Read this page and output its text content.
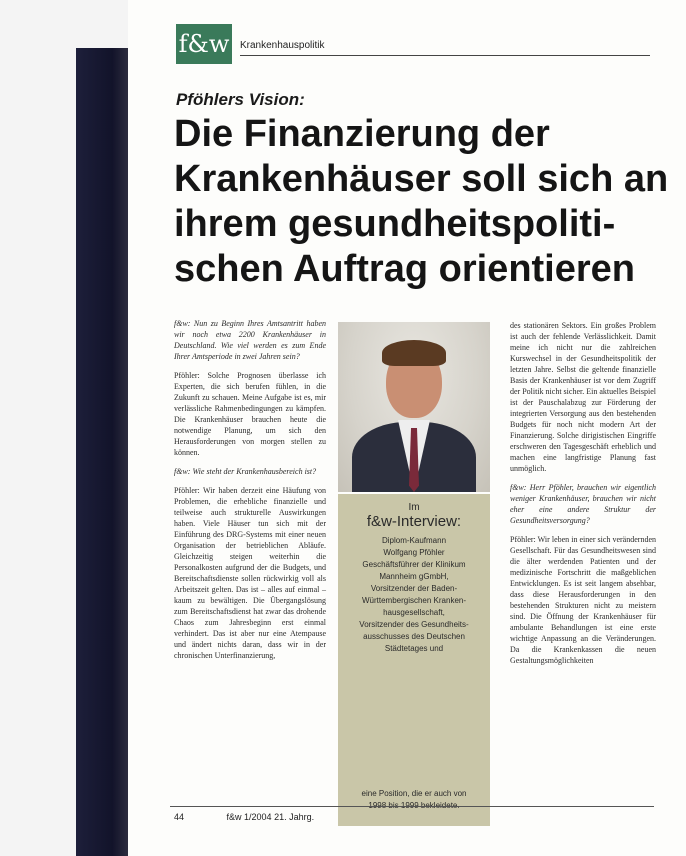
f&w Krankenhauspolitik
Pföhlers Vision:
Die Finanzierung der
Krankenhäuser soll sich an
ihrem gesundheitspoliti-
schen Auftrag orientieren

f&w: Nun zu Beginn Ihres Amtsantritt haben wir noch etwa 2200 Krankenhäuser in Deutschland. Wie viel werden es zum Ende Ihrer Amtsperiode in zwei Jahren sein?

Pföhler: Solche Prognosen überlasse ich Experten, die sich berufen fühlen, in die Zukunft zu schauen. Meine Aufgabe ist es, mir verlässliche Rahmenbedingungen zu kämpfen. Die Krankenhäuser brauchen heute die notwendige Planung, um sich den Herausforderungen von morgen stellen zu können.

f&w: Wie steht der Krankenhausbereich ist?

Pföhler: Wir haben derzeit eine Häufung von Problemen, die erhebliche finanzielle und teilweise auch strukturelle Auswirkungen haben. Viele Häuser tun sich mit der Einführung des DRG-Systems mit einer neuen Organisation der betrieblichen Abläufe. Gleichzeitig steigen weiterhin die Personalkosten aufgrund der die Budgets, und Bereitschaftsdienste sollen rückwirkig voll als Arbeitszeit gelten. Das ist – alles auf einmal – kaum zu bewältigen. Die Übergangslösung zum Bereitschaftsdienst hat zwar das drohende Chaos zum Jahresbeginn erst einmal verhindert. Das ist aber nur eine Atempause und ändert nichts daran, dass wir in der chronischen Unterfinanzierung,

Im
f&w-Interview:
Diplom-Kaufmann
Wolfgang Pföhler
Geschäftsführer der Klinikum
Mannheim gGmbH,
Vorsitzender der Baden-
Württembergischen Kranken-
hausgesellschaft,
Vorsitzender des Gesundheits-
ausschusses des Deutschen
Städtetages und
eine Position, die er auch von

des stationären Sektors. Ein großes Problem ist auch der fehlende Verlässlichkeit. Damit meine ich nicht nur die zahlreichen Kurswechsel in der Gesundheitspolitik der letzten Jahre. Selbst die geltende finanzielle Basis der Krankenhäuser ist vor dem Zugriff der Politik nicht sicher. Ein aktuelles Beispiel ist der Pauschalabzug zur Förderung der integrierten Versorgung aus den bestehenden Budgets für noch nicht modern Art der Finanzierung. Solche dirigistischen Eingriffe erschweren den Tagesgeschäft erheblich und machen eine langfristige Planung fast unmöglich.

f&w: Herr Pföhler, brauchen wir eigentlich weniger Krankenhäuser, brauchen wir nicht eher eine andere Struktur der Gesundheitsversorgung?

Pföhler: Wir leben in einer sich verändernden Gesellschaft. Für das Gesundheitswesen sind die älter werdenden Patienten und der medizinische Fortschritt die maßgeblichen Entwicklungen. Es ist seit langem absehbar, dass diese Herausforderungen in den bestehenden Strukturen nicht zu meistern sind. Die Öffnung der Krankenhäuser für ambulante Behandlungen ist eine erste wichtige Anpassung an die Veränderungen. Da die Krankenkassen die neuen Gestaltungsmöglichkeiten

44	f&w 1/2004 21. Jahrg.
